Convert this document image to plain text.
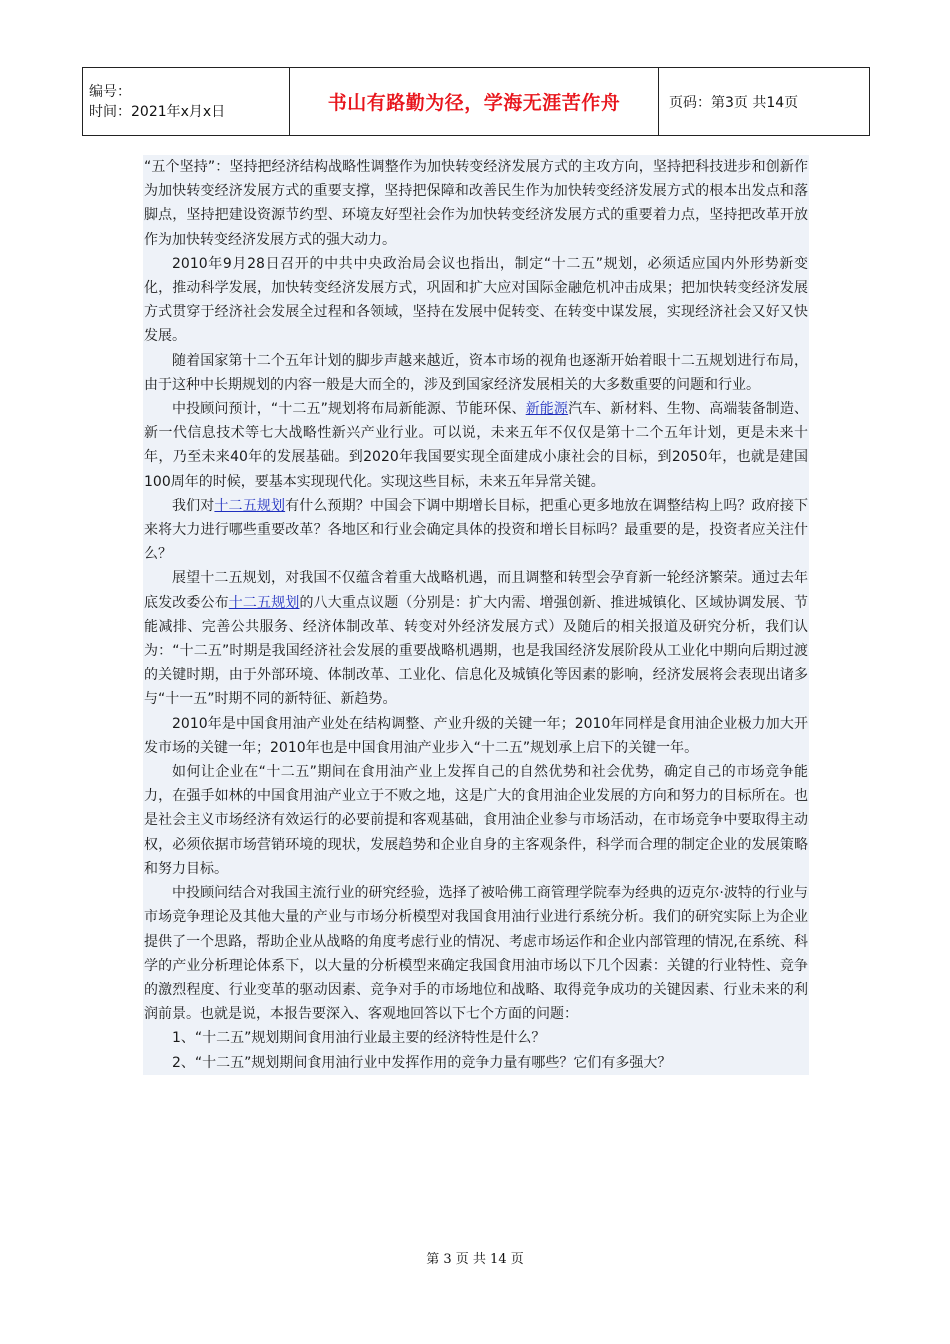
编号：
时间：2021年x月x日	书山有路勤为径，学海无涯苦作舟	页码：第3页 共14页

“五个坚持”：坚持把经济结构战略性调整作为加快转变经济发展方式的主攻方向，坚持把科技进步和创新作为加快转变经济发展方式的重要支撑，坚持把保障和改善民生作为加快转变经济发展方式的根本出发点和落脚点，坚持把建设资源节约型、环境友好型社会作为加快转变经济发展方式的重要着力点，坚持把改革开放作为加快转变经济发展方式的强大动力。

2010年9月28日召开的中共中央政治局会议也指出，制定“十二五”规划，必须适应国内外形势新变化，推动科学发展，加快转变经济发展方式，巩固和扩大应对国际金融危机冲击成果；把加快转变经济发展方式贯穿于经济社会发展全过程和各领域，坚持在发展中促转变、在转变中谋发展，实现经济社会又好又快发展。

随着国家第十二个五年计划的脚步声越来越近，资本市场的视角也逐渐开始着眼十二五规划进行布局，由于这种中长期规划的内容一般是大而全的，涉及到国家经济发展相关的大多数重要的问题和行业。

中投顾问预计，“十二五”规划将布局新能源、节能环保、新能源汽车、新材料、生物、高端装备制造、新一代信息技术等七大战略性新兴产业行业。可以说，未来五年不仅仅是第十二个五年计划，更是未来十年，乃至未来40年的发展基础。到2020年我国要实现全面建成小康社会的目标，到2050年，也就是建国100周年的时候，要基本实现现代化。实现这些目标，未来五年异常关键。

我们对十二五规划有什么预期？中国会下调中期增长目标，把重心更多地放在调整结构上吗？政府接下来将大力进行哪些重要改革？各地区和行业会确定具体的投资和增长目标吗？最重要的是，投资者应关注什么？

展望十二五规划，对我国不仅蕴含着重大战略机遇，而且调整和转型会孕育新一轮经济繁荣。通过去年底发改委公布十二五规划的八大重点议题（分别是：扩大内需、增强创新、推进城镇化、区域协调发展、节能减排、完善公共服务、经济体制改革、转变对外经济发展方式）及随后的相关报道及研究分析，我们认为：“十二五”时期是我国经济社会发展的重要战略机遇期，也是我国经济发展阶段从工业化中期向后期过渡的关键时期，由于外部环境、体制改革、工业化、信息化及城镇化等因素的影响，经济发展将会表现出诸多与“十一五”时期不同的新特征、新趋势。

2010年是中国食用油产业处在结构调整、产业升级的关键一年；2010年同样是食用油企业极力加大开发市场的关键一年；2010年也是中国食用油产业步入“十二五”规划承上启下的关键一年。

如何让企业在“十二五”期间在食用油产业上发挥自己的自然优势和社会优势，确定自己的市场竞争能力，在强手如林的中国食用油产业立于不败之地，这是广大的食用油企业发展的方向和努力的目标所在。也是社会主义市场经济有效运行的必要前提和客观基础，食用油企业参与市场活动，在市场竞争中要取得主动权，必须依据市场营销环境的现状，发展趋势和企业自身的主客观条件，科学而合理的制定企业的发展策略和努力目标。

中投顾问结合对我国主流行业的研究经验，选择了被哈佛工商管理学院奉为经典的迈克尔·波特的行业与市场竞争理论及其他大量的产业与市场分析模型对我国食用油行业进行系统分析。我们的研究实际上为企业提供了一个思路，帮助企业从战略的角度考虑行业的情况、考虑市场运作和企业内部管理的情况,在系统、科学的产业分析理论体系下，以大量的分析模型来确定我国食用油市场以下几个因素：关键的行业特性、竞争的激烈程度、行业变革的驱动因素、竞争对手的市场地位和战略、取得竞争成功的关键因素、行业未来的利润前景。也就是说，本报告要深入、客观地回答以下七个方面的问题：

1、“十二五”规划期间食用油行业最主要的经济特性是什么？

2、“十二五”规划期间食用油行业中发挥作用的竞争力量有哪些？它们有多强大？

第 3 页 共 14 页
